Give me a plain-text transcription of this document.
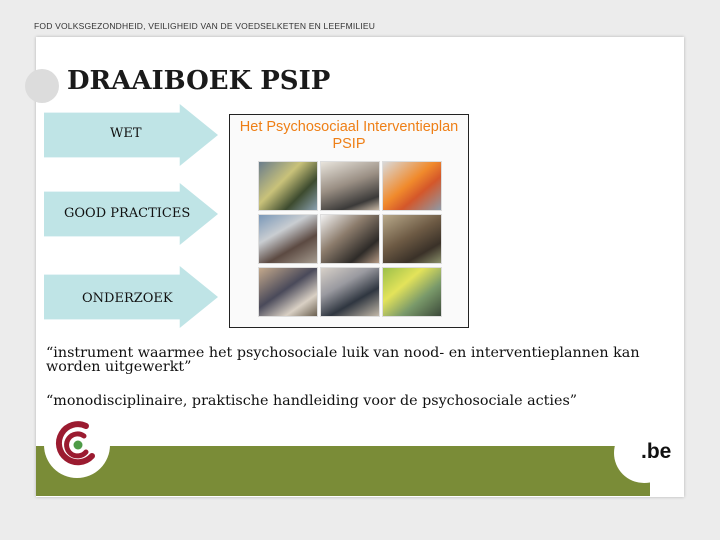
FOD VOLKSGEZONDHEID, VEILIGHEID VAN DE VOEDSELKETEN EN LEEFMILIEU
DRAAIBOEK PSIP
WET
GOOD PRACTICES
ONDERZOEK
Het Psychosociaal Interventieplan
PSIP
“instrument waarmee het psychosociale luik van nood- en interventieplannen kan worden uitgewerkt”
“monodisciplinaire, praktische handleiding voor de psychosociale acties”
.be
